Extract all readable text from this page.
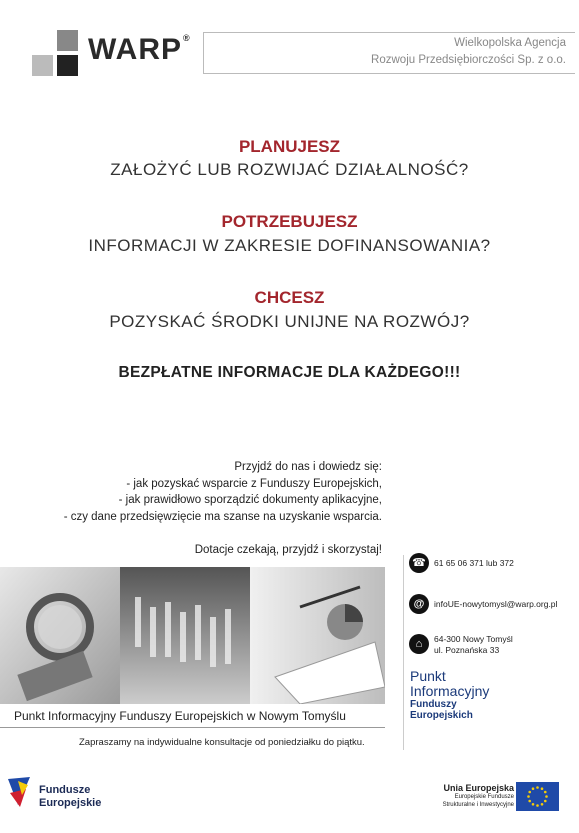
WARP®	Wielkopolska Agencja
Rozwoju Przedsiębiorczości Sp. z o.o.
PLANUJESZ
ZAŁOŻYĆ LUB ROZWIJAĆ DZIAŁALNOŚĆ?
POTRZEBUJESZ
INFORMACJI W ZAKRESIE DOFINANSOWANIA?
CHCESZ
POZYSKAĆ ŚRODKI UNIJNE NA ROZWÓJ?
BEZPŁATNE INFORMACJE DLA KAŻDEGO!!!
Przyjdź do nas i dowiedz się:
- jak pozyskać wsparcie z Funduszy Europejskich,
- jak prawidłowo sporządzić dokumenty aplikacyjne,
- czy dane przedsięwzięcie ma szanse na uzyskanie wsparcia.
Dotacje czekają, przyjdź i skorzystaj!
Punkt Informacyjny Funduszy Europejskich w Nowym Tomyślu
Zapraszamy na indywidualne konsultacje od poniedziałku do piątku.
☎ 61 65 06 371 lub 372
@	infoUE-nowytomysl@warp.org.pl
⌂	64-300 Nowy Tomyśl
ul. Poznańska 33
Punkt
Informacyjny
Funduszy
Europejskich
Fundusze
Europejskie
Unia Europejska
Europejskie Fundusze
Strukturalne i Inwestycyjne
